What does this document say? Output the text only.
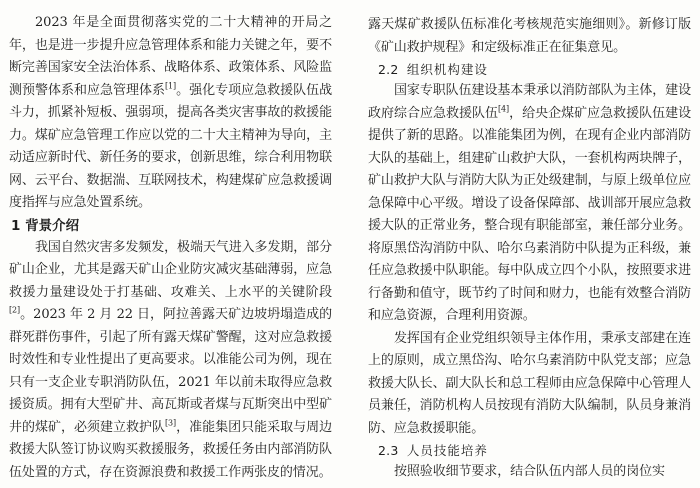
2023 年是全面贯彻落实党的二十大精神的开局之年，也是进一步提升应急管理体系和能力关键之年，要不断完善国家安全法治体系、战略体系、政策体系、风险监测预警体系和应急管理体系[1]。强化专项应急救援队伍战斗力，抓紧补短板、强弱项，提高各类灾害事故的救援能力。煤矿应急管理工作应以党的二十大主精神为导向，主动适应新时代、新任务的要求，创新思维，综合利用物联网、云平台、数据湍、互联网技术，构建煤矿应急救援调度指挥与应急处置系统。

1 背景介绍

我国自然灾害多发频发，极端天气进入多发期，部分矿山企业，尤其是露天矿山企业防灾减灾基础薄弱，应急救援力量建设处于打基础、攻难关、上水平的关键阶段[2]。2023 年 2 月 22 日，阿拉善露天矿边坡坍塌造成的群死群伤事件，引起了所有露天煤矿警醒，这对应急救援时效性和专业性提出了更高要求。以准能公司为例，现在只有一支企业专职消防队伍，2021 年以前未取得应急救援资质。拥有大型矿井、高瓦斯或者煤与瓦斯突出中型矿井的煤矿，必须建立救护队[3]，准能集团只能采取与周边救援大队签订协议购买救援服务，救援任务由内部消防队伍处置的方式，存在资源浪费和救援工作两张皮的情况。

露天煤矿救援队伍标准化考核规范实施细则》。新修订版《矿山救护规程》和定级标准正在征集意见。

2.2 组织机构建设

国家专职队伍建设基本秉承以消防部队为主体，建设政府综合应急救援队伍[4]，给央企煤矿应急救援队伍建设提供了新的思路。以准能集团为例，在现有企业内部消防大队的基础上，组建矿山救护大队，一套机构两块牌子，矿山救护大队与消防大队为正处级建制，与原上级单位应急保障中心平级。增设了设备保障部、战训部开展应急救援大队的正常业务，整合现有职能部室，兼任部分业务。将原黑岱沟消防中队、哈尔乌素消防中队提为正科级，兼任应急救援中队职能。每中队成立四个小队，按照要求进行备勤和值守，既节约了时间和财力，也能有效整合消防和应急资源，合理利用资源。

发挥国有企业党组织领导主体作用，秉承支部建在连上的原则，成立黑岱沟、哈尔乌素消防中队党支部；应急救援大队长、副大队长和总工程师由应急保障中心管理人员兼任，消防机构人员按现有消防大队编制，队员身兼消防、应急救援职能。

2.3 人员技能培养

按照验收细节要求，结合队伍内部人员的岗位实
